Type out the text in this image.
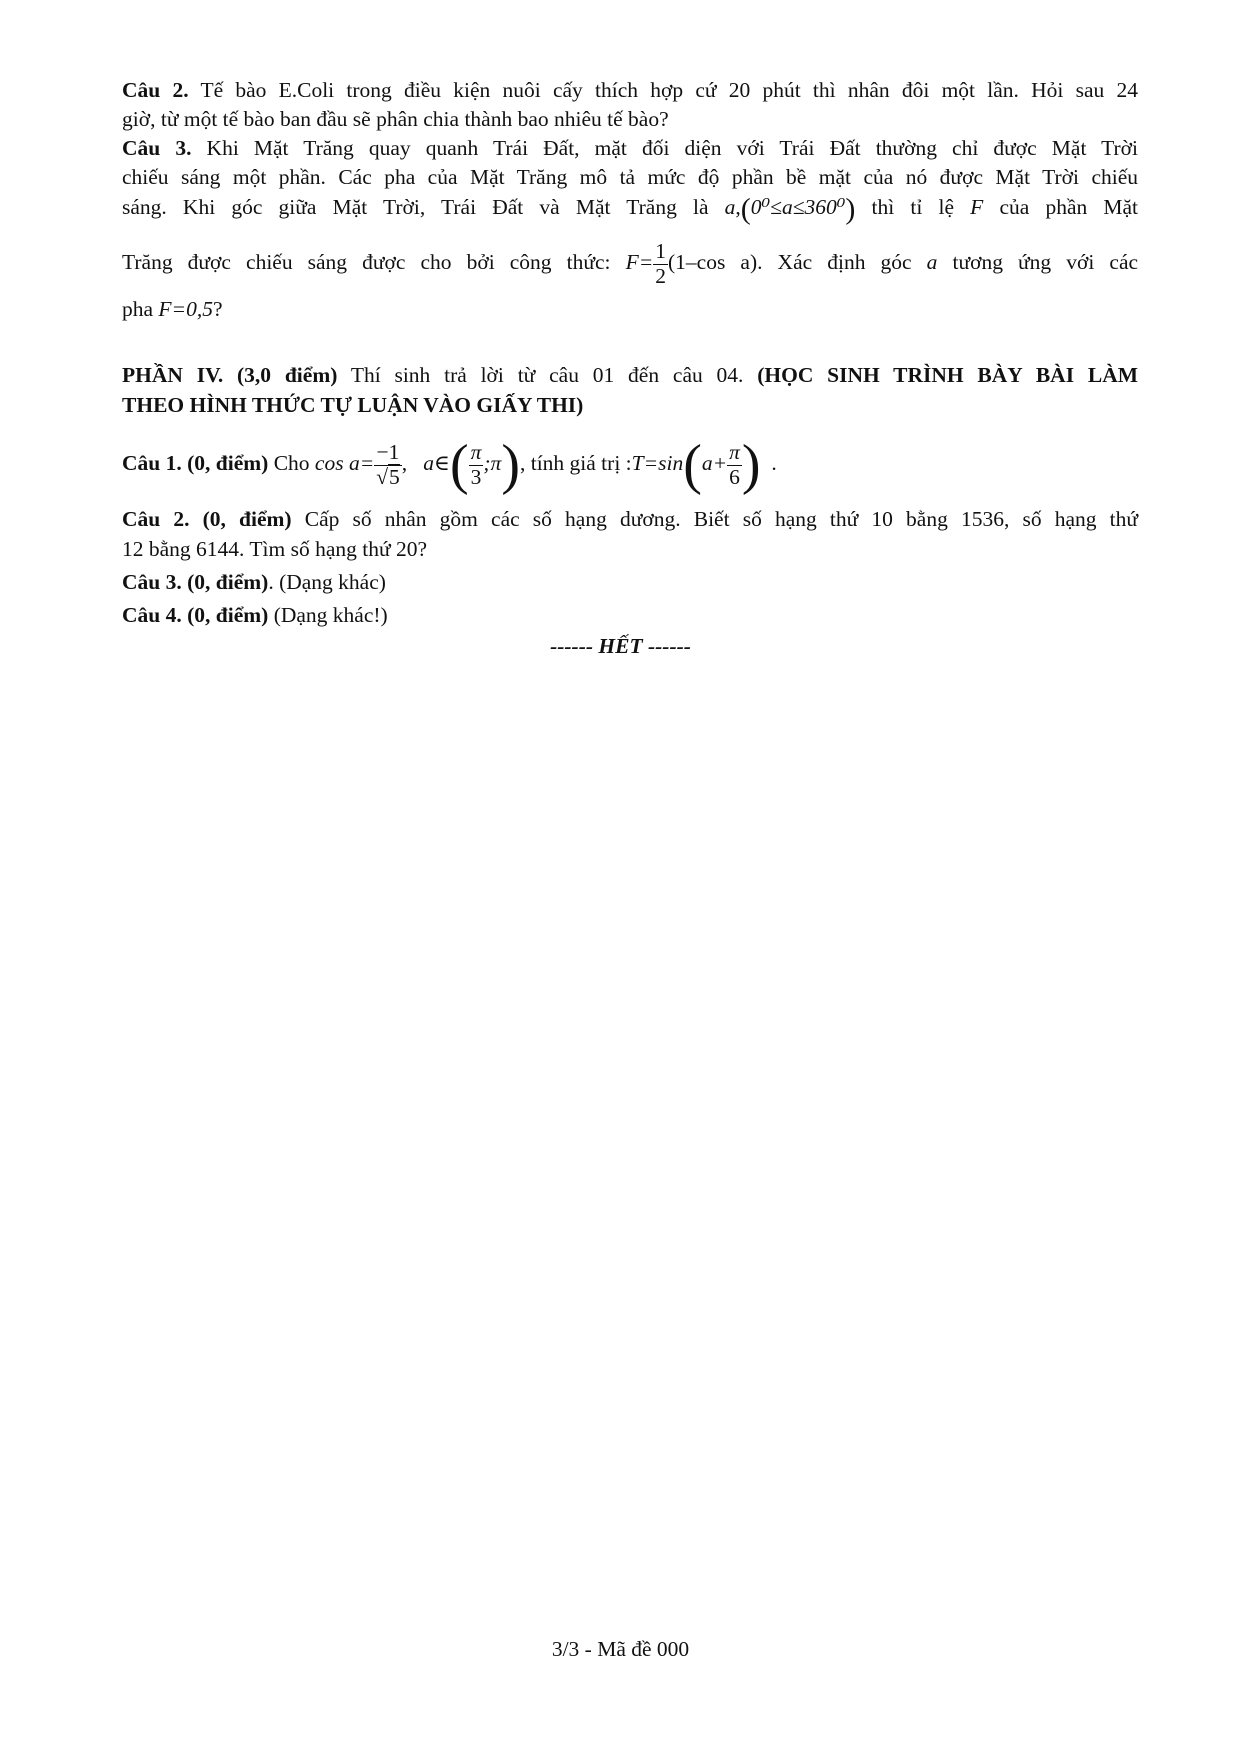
Câu 2. Tế bào E.Coli trong điều kiện nuôi cấy thích hợp cứ 20 phút thì nhân đôi một lần. Hỏi sau 24
giờ, từ một tế bào ban đầu sẽ phân chia thành bao nhiêu tế bào?
Câu 3. Khi Mặt Trăng quay quanh Trái Đất, mặt đối diện với Trái Đất thường chỉ được Mặt Trời
chiếu sáng một phần. Các pha của Mặt Trăng mô tả mức độ phần bề mặt của nó được Mặt Trời chiếu
sáng. Khi góc giữa Mặt Trời, Trái Đất và Mặt Trăng là a,(0⁰≤a≤360⁰) thì tỉ lệ F của phần Mặt
Trăng được chiếu sáng được cho bởi công thức: $F= \frac{1}{2} (1-\cos$ a). Xác định góc a tương ứng với các
pha F=0,5?
PHẦN IV. (3,0 điểm) Thí sinh trả lời từ câu 01 đến câu 04. (HỌC SINH TRÌNH BÀY BÀI LÀM
THEO HÌNH THỨC TỰ LUẬN VÀO GIẤY THI)
Câu 1. (0, điểm) Cho $\cos a= \frac{-1}{√5}$ ,   a∈( $\frac{\pi}{3}$ ;π), tính giá trị :T=sin(a+ $\frac{\pi}{6}$ ) .
Câu 2. (0, điểm) Cấp số nhân gồm các số hạng dương. Biết số hạng thứ 10 bằng 1536, số hạng thứ
12 bằng 6144. Tìm số hạng thứ 20?
Câu 3. (0, điểm). (Dạng khác)
Câu 4. (0, điểm) (Dạng khác!)
------ HẾT ------
3/3 - Mã đề 000
